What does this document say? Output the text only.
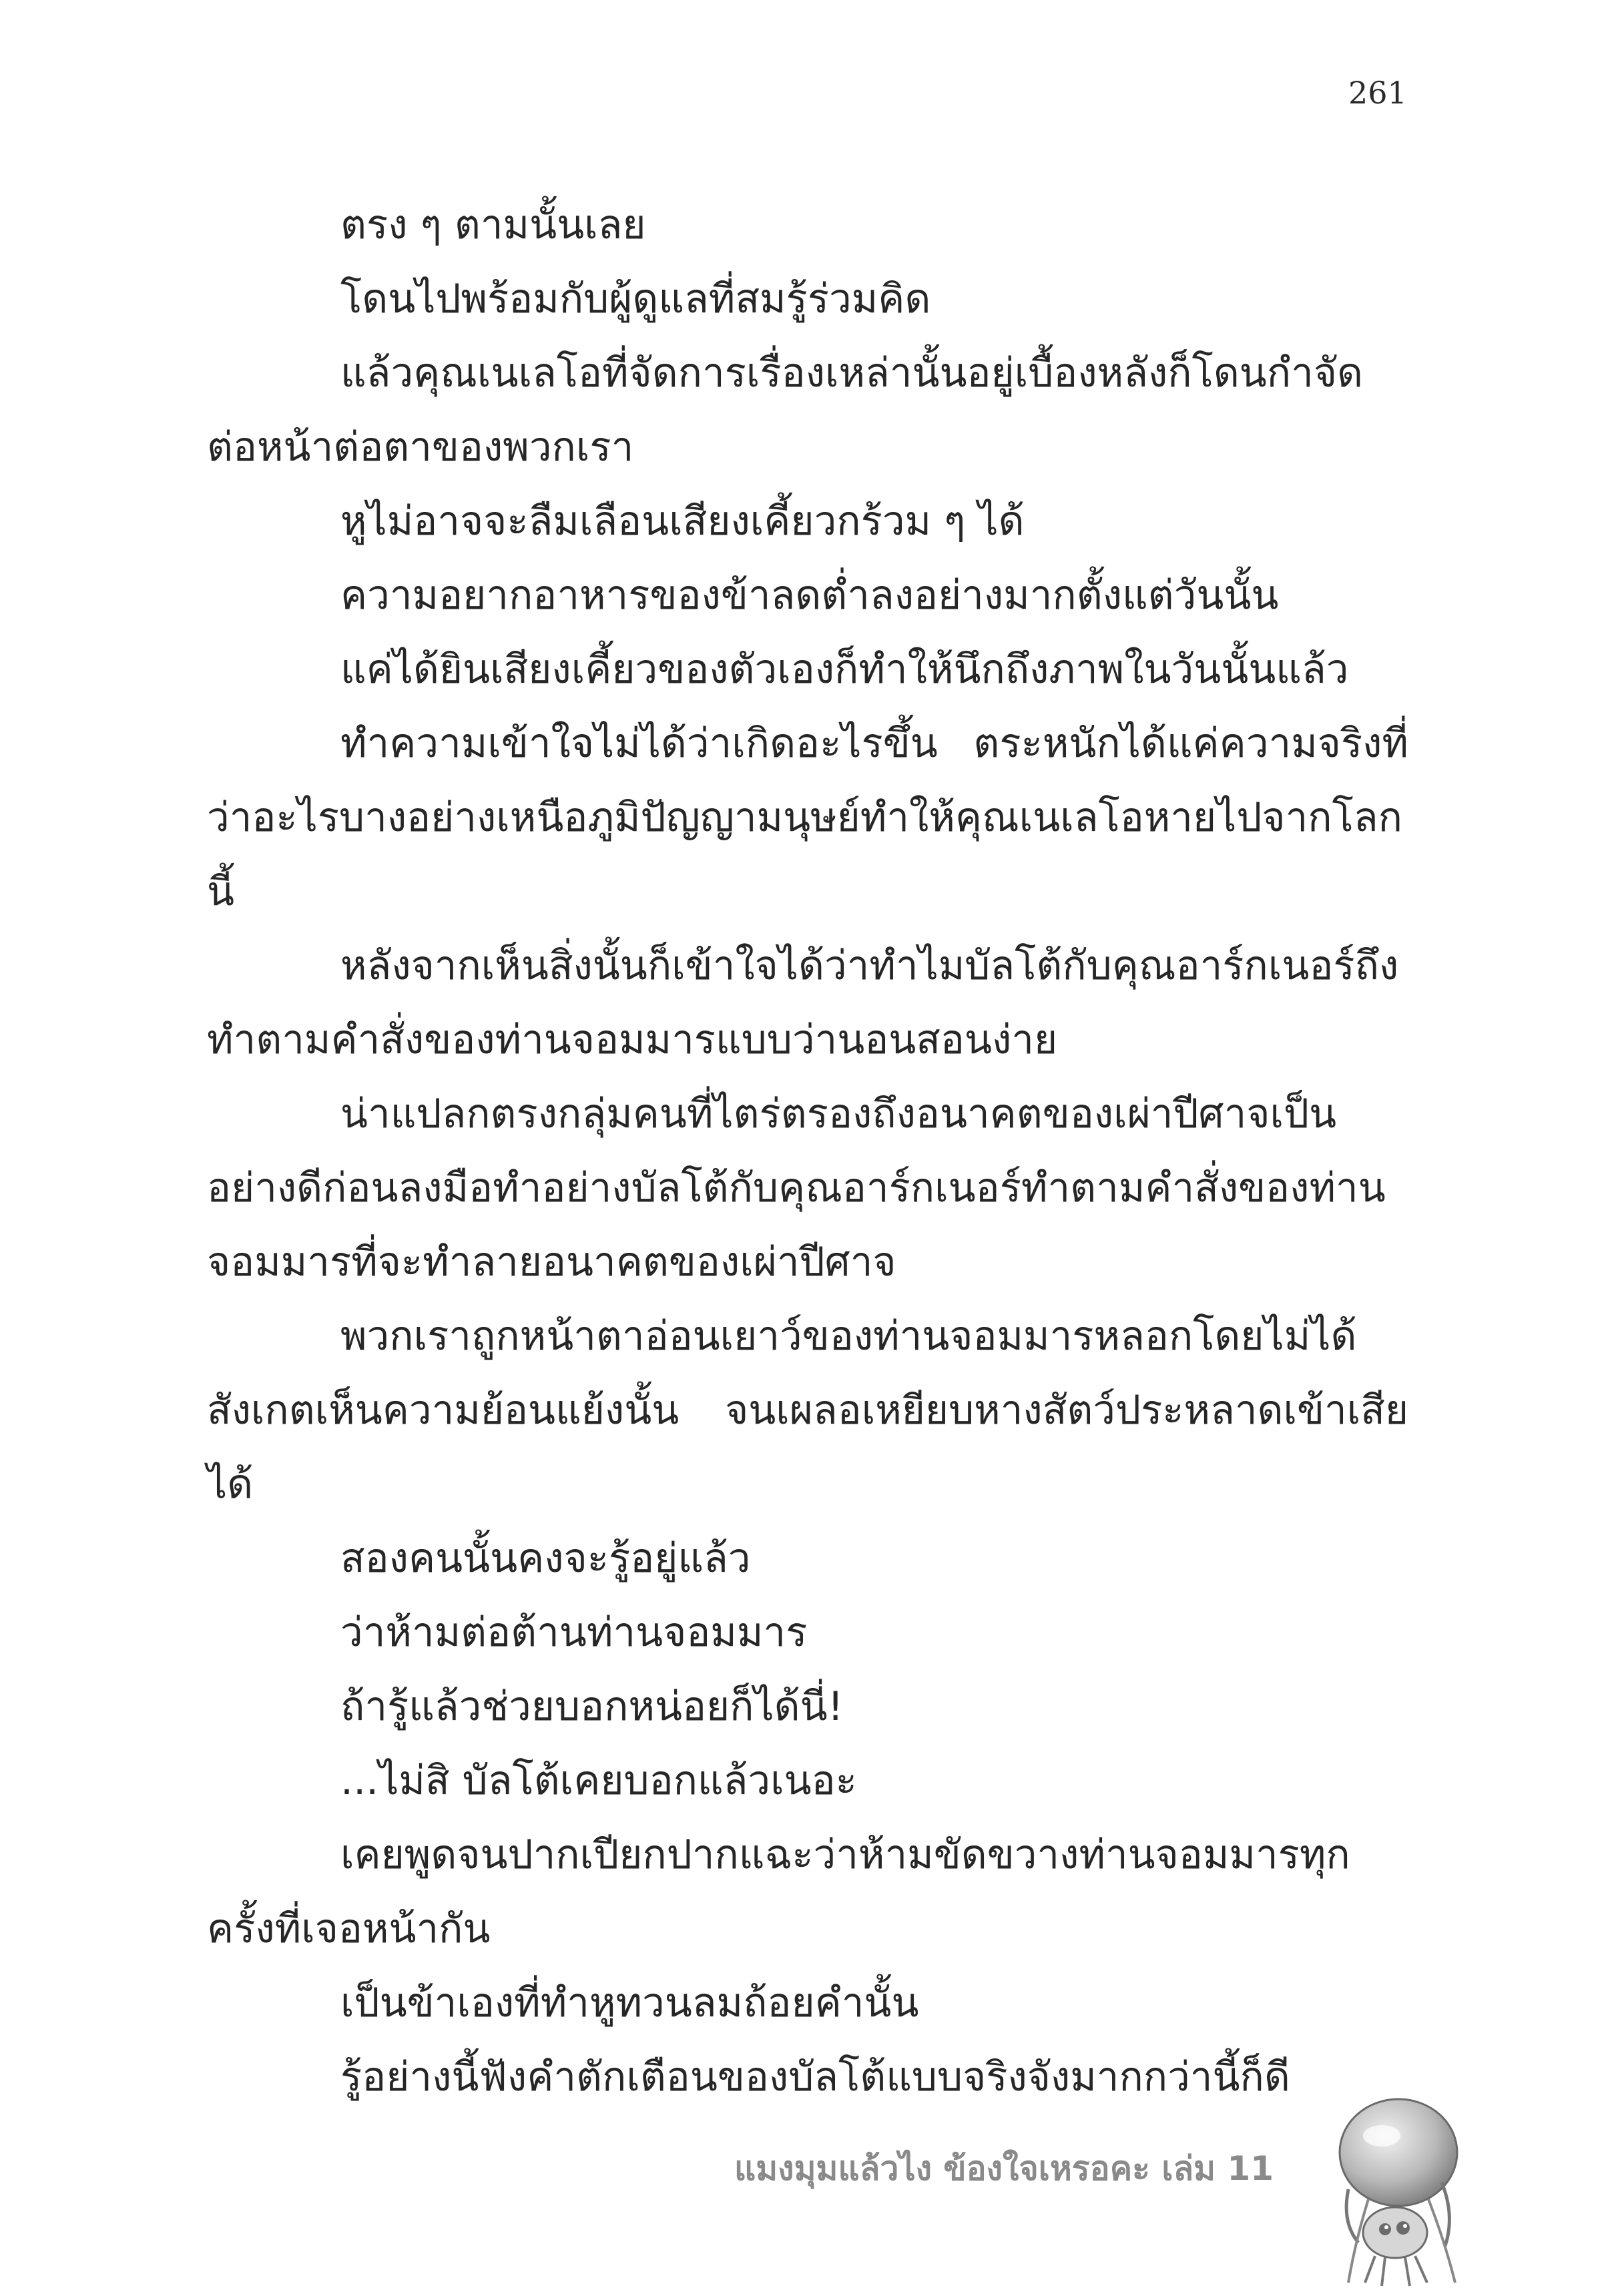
261

ตรง ๆ ตามนั้นเลย

โดนไปพร้อมกับผู้ดูแลที่สมรู้ร่วมคิด

แล้วคุณเนเลโอที่จัดการเรื่องเหล่านั้นอยู่เบื้องหลังก็โดนกำจัดต่อหน้าต่อตาของพวกเรา

หูไม่อาจจะลืมเลือนเสียงเคี้ยวกร้วม ๆ ได้

ความอยากอาหารของข้าลดต่ำลงอย่างมากตั้งแต่วันนั้น

แค่ได้ยินเสียงเคี้ยวของตัวเองก็ทำให้นึกถึงภาพในวันนั้นแล้ว

ทำความเข้าใจไม่ได้ว่าเกิดอะไรขึ้น ตระหนักได้แค่ความจริงที่ว่าอะไรบางอย่างเหนือภูมิปัญญามนุษย์ทำให้คุณเนเลโอหายไปจากโลกนี้

หลังจากเห็นสิ่งนั้นก็เข้าใจได้ว่าทำไมบัลโต้กับคุณอาร์กเนอร์ถึงทำตามคำสั่งของท่านจอมมารแบบว่านอนสอนง่าย

น่าแปลกตรงกลุ่มคนที่ไตร่ตรองถึงอนาคตของเผ่าปีศาจเป็นอย่างดีก่อนลงมือทำอย่างบัลโต้กับคุณอาร์กเนอร์ทำตามคำสั่งของท่านจอมมารที่จะทำลายอนาคตของเผ่าปีศาจ

พวกเราถูกหน้าตาอ่อนเยาว์ของท่านจอมมารหลอกโดยไม่ได้สังเกตเห็นความย้อนแย้งนั้น จนเผลอเหยียบหางสัตว์ประหลาดเข้าเสียได้

สองคนนั้นคงจะรู้อยู่แล้ว

ว่าห้ามต่อต้านท่านจอมมาร

ถ้ารู้แล้วช่วยบอกหน่อยก็ได้นี่!

...ไม่สิ บัลโต้เคยบอกแล้วเนอะ

เคยพูดจนปากเปียกปากแฉะว่าห้ามขัดขวางท่านจอมมารทุกครั้งที่เจอหน้ากัน

เป็นข้าเองที่ทำหูทวนลมถ้อยคำนั้น

รู้อย่างนี้ฟังคำตักเตือนของบัลโต้แบบจริงจังมากกว่านี้ก็ดี

แมงมุมแล้วไง ข้องใจเหรอคะ เล่ม 11
